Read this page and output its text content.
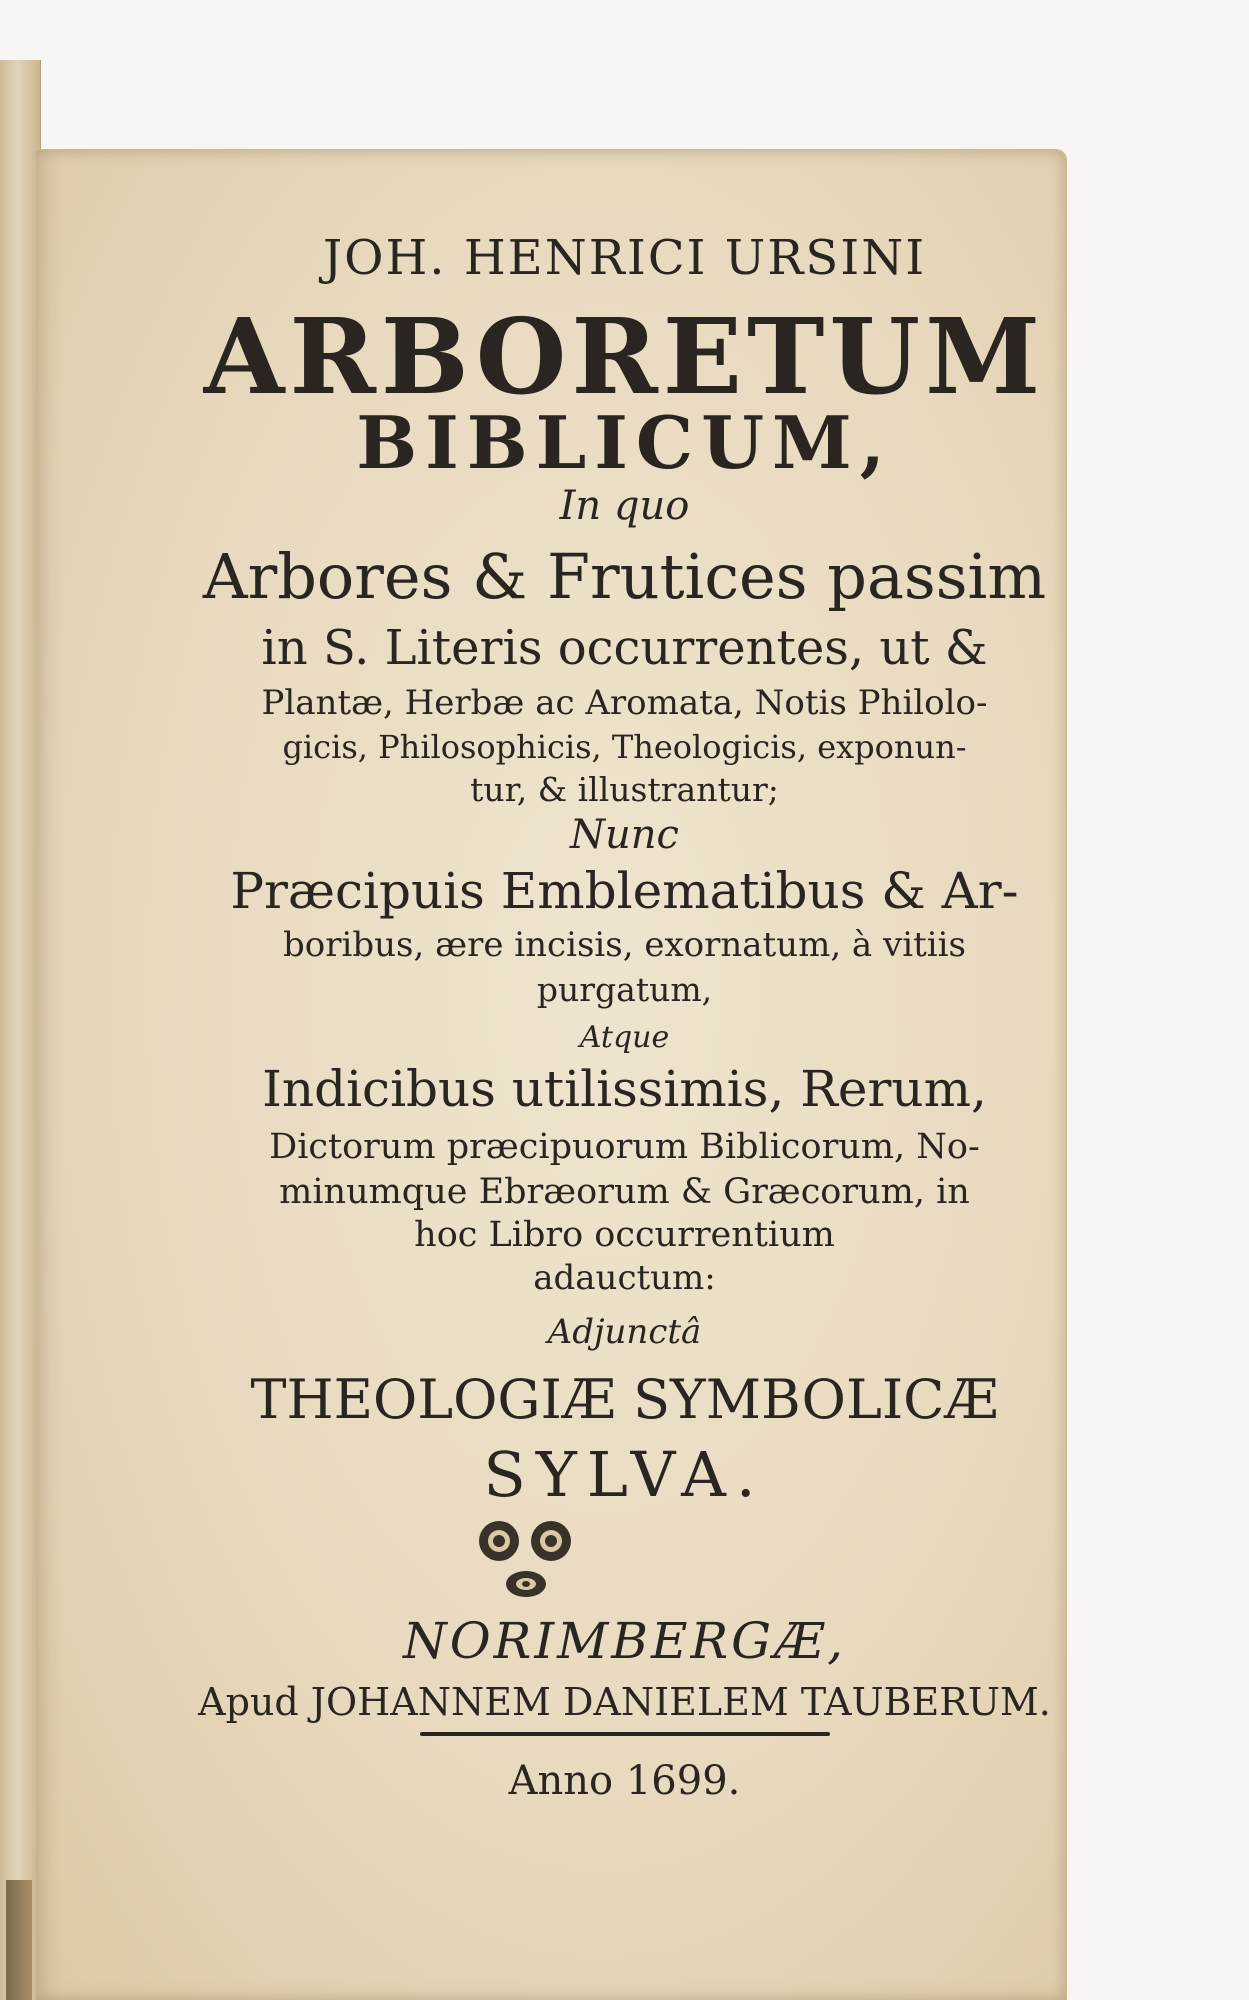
JOH. HENRICI URSINI
ARBORETUM
BIBLICUM,
In quo
Arbores & Frutices passim
in S. Literis occurrentes, ut &
Plantæ, Herbæ ac Aromata, Notis Philolo-
gicis, Philosophicis, Theologicis, exponun-
tur, & illustrantur;
Nunc
Præcipuis Emblematibus & Ar-
boribus, ære incisis, exornatum, à vitiis
purgatum,
Atque
Indicibus utilissimis, Rerum,
Dictorum præcipuorum Biblicorum, No-
minumque Ebræorum & Græcorum, in
hoc Libro occurrentium
adauctum:
Adjunctâ
THEOLOGIÆ SYMBOLICÆ
SYLVA.
NORIMBERGÆ,
Apud JOHANNEM DANIELEM TAUBERUM.
Anno 1699.
